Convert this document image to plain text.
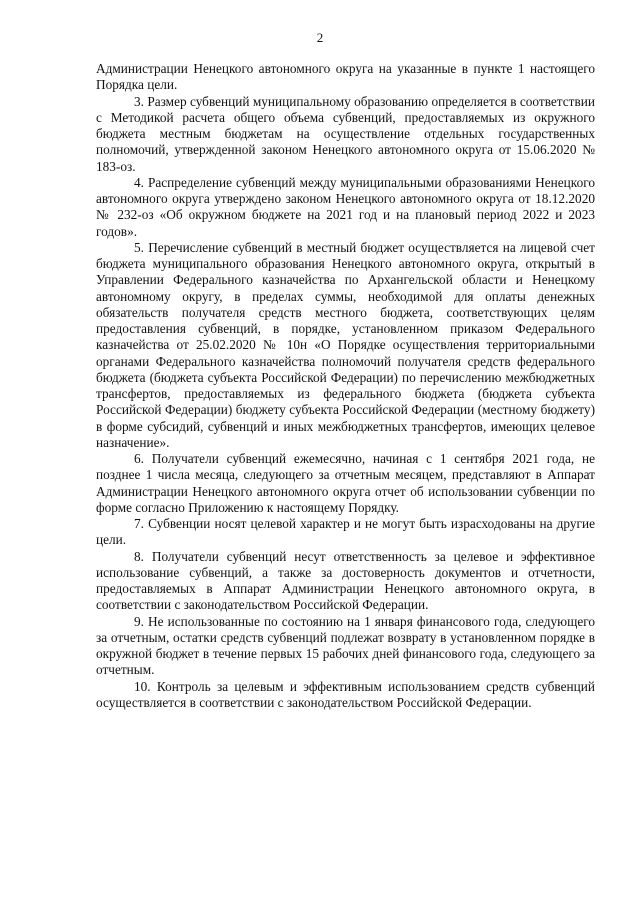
2

Администрации Ненецкого автономного округа на указанные в пункте 1 настоящего Порядка цели.

3. Размер субвенций муниципальному образованию определяется в соответствии с Методикой расчета общего объема субвенций, предоставляемых из окружного бюджета местным бюджетам на осуществление отдельных государственных полномочий, утвержденной законом Ненецкого автономного округа от 15.06.2020 № 183-оз.

4. Распределение субвенций между муниципальными образованиями Ненецкого автономного округа утверждено законом Ненецкого автономного округа от 18.12.2020 № 232-оз «Об окружном бюджете на 2021 год и на плановый период 2022 и 2023 годов».

5. Перечисление субвенций в местный бюджет осуществляется на лицевой счет бюджета муниципального образования Ненецкого автономного округа, открытый в Управлении Федерального казначейства по Архангельской области и Ненецкому автономному округу, в пределах суммы, необходимой для оплаты денежных обязательств получателя средств местного бюджета, соответствующих целям предоставления субвенций, в порядке, установленном приказом Федерального казначейства от 25.02.2020 № 10н «О Порядке осуществления территориальными органами Федерального казначейства полномочий получателя средств федерального бюджета (бюджета субъекта Российской Федерации) по перечислению межбюджетных трансфертов, предоставляемых из федерального бюджета (бюджета субъекта Российской Федерации) бюджету субъекта Российской Федерации (местному бюджету) в форме субсидий, субвенций и иных межбюджетных трансфертов, имеющих целевое назначение».

6. Получатели субвенций ежемесячно, начиная с 1 сентября 2021 года, не позднее 1 числа месяца, следующего за отчетным месяцем, представляют в Аппарат Администрации Ненецкого автономного округа отчет об использовании субвенции по форме согласно Приложению к настоящему Порядку.

7. Субвенции носят целевой характер и не могут быть израсходованы на другие цели.

8. Получатели субвенций несут ответственность за целевое и эффективное использование субвенций, а также за достоверность документов и отчетности, предоставляемых в Аппарат Администрации Ненецкого автономного округа, в соответствии с законодательством Российской Федерации.

9. Не использованные по состоянию на 1 января финансового года, следующего за отчетным, остатки средств субвенций подлежат возврату в установленном порядке в окружной бюджет в течение первых 15 рабочих дней финансового года, следующего за отчетным.

10. Контроль за целевым и эффективным использованием средств субвенций осуществляется в соответствии с законодательством Российской Федерации.
